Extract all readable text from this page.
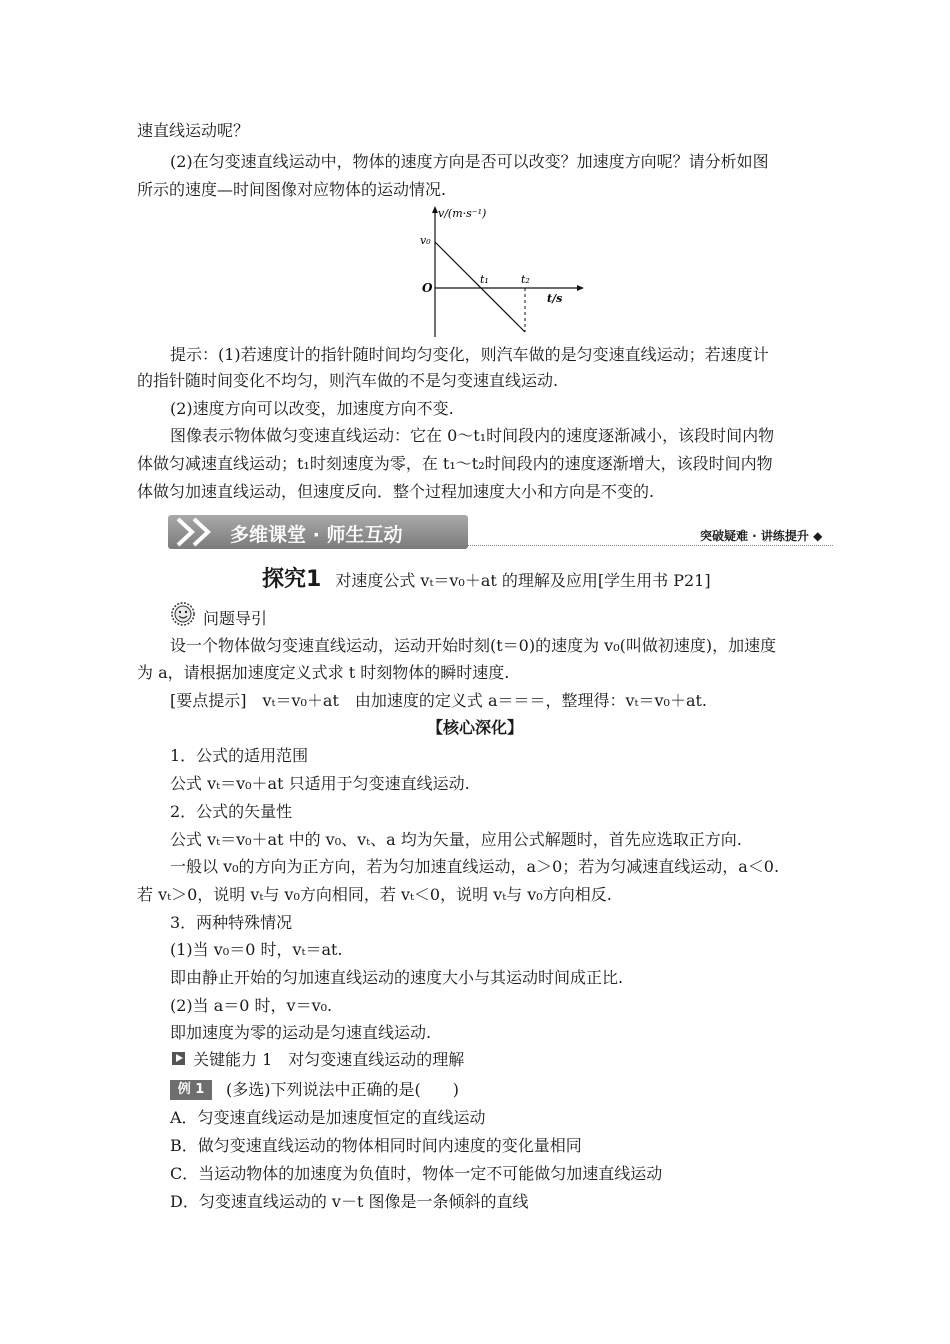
速直线运动呢？
(2)在匀变速直线运动中，物体的速度方向是否可以改变？加速度方向呢？请分析如图
所示的速度—时间图像对应物体的运动情况.
v/(m·s⁻¹)
v₀
O
t₁	t₂
t/s
提示：(1)若速度计的指针随时间均匀变化，则汽车做的是匀变速直线运动；若速度计
的指针随时间变化不均匀，则汽车做的不是匀变速直线运动.
(2)速度方向可以改变，加速度方向不变.
图像表示物体做匀变速直线运动：它在 0～t₁时间段内的速度逐渐减小，该段时间内物
体做匀减速直线运动；t₁时刻速度为零，在 t₁～t₂时间段内的速度逐渐增大，该段时间内物
体做匀加速直线运动，但速度反向．整个过程加速度大小和方向是不变的.
多维课堂 · 师生互动	突破疑难 · 讲练提升 ◆
探究1 对速度公式 vₜ＝v₀＋at 的理解及应用[学生用书 P21]
问题导引
设一个物体做匀变速直线运动，运动开始时刻(t＝0)的速度为 v₀(叫做初速度)，加速度
为 a，请根据加速度定义式求 t 时刻物体的瞬时速度.
[要点提示]　vₜ＝v₀＋at　由加速度的定义式 a＝＝＝，整理得：vₜ＝v₀＋at.
【核心深化】
1．公式的适用范围
公式 vₜ＝v₀＋at 只适用于匀变速直线运动.
2．公式的矢量性
公式 vₜ＝v₀＋at 中的 v₀、vₜ、a 均为矢量，应用公式解题时，首先应选取正方向.
一般以 v₀的方向为正方向，若为匀加速直线运动，a＞0；若为匀减速直线运动，a＜0.
若 vₜ＞0，说明 vₜ与 v₀方向相同，若 vₜ＜0，说明 vₜ与 v₀方向相反.
3．两种特殊情况
(1)当 v₀＝0 时，vₜ＝at.
即由静止开始的匀加速直线运动的速度大小与其运动时间成正比.
(2)当 a＝0 时，v＝v₀.
即加速度为零的运动是匀速直线运动.
关键能力 1　对匀变速直线运动的理解
例 1	(多选)下列说法中正确的是(　　)
A．匀变速直线运动是加速度恒定的直线运动
B．做匀变速直线运动的物体相同时间内速度的变化量相同
C．当运动物体的加速度为负值时，物体一定不可能做匀加速直线运动
D．匀变速直线运动的 v－t 图像是一条倾斜的直线
